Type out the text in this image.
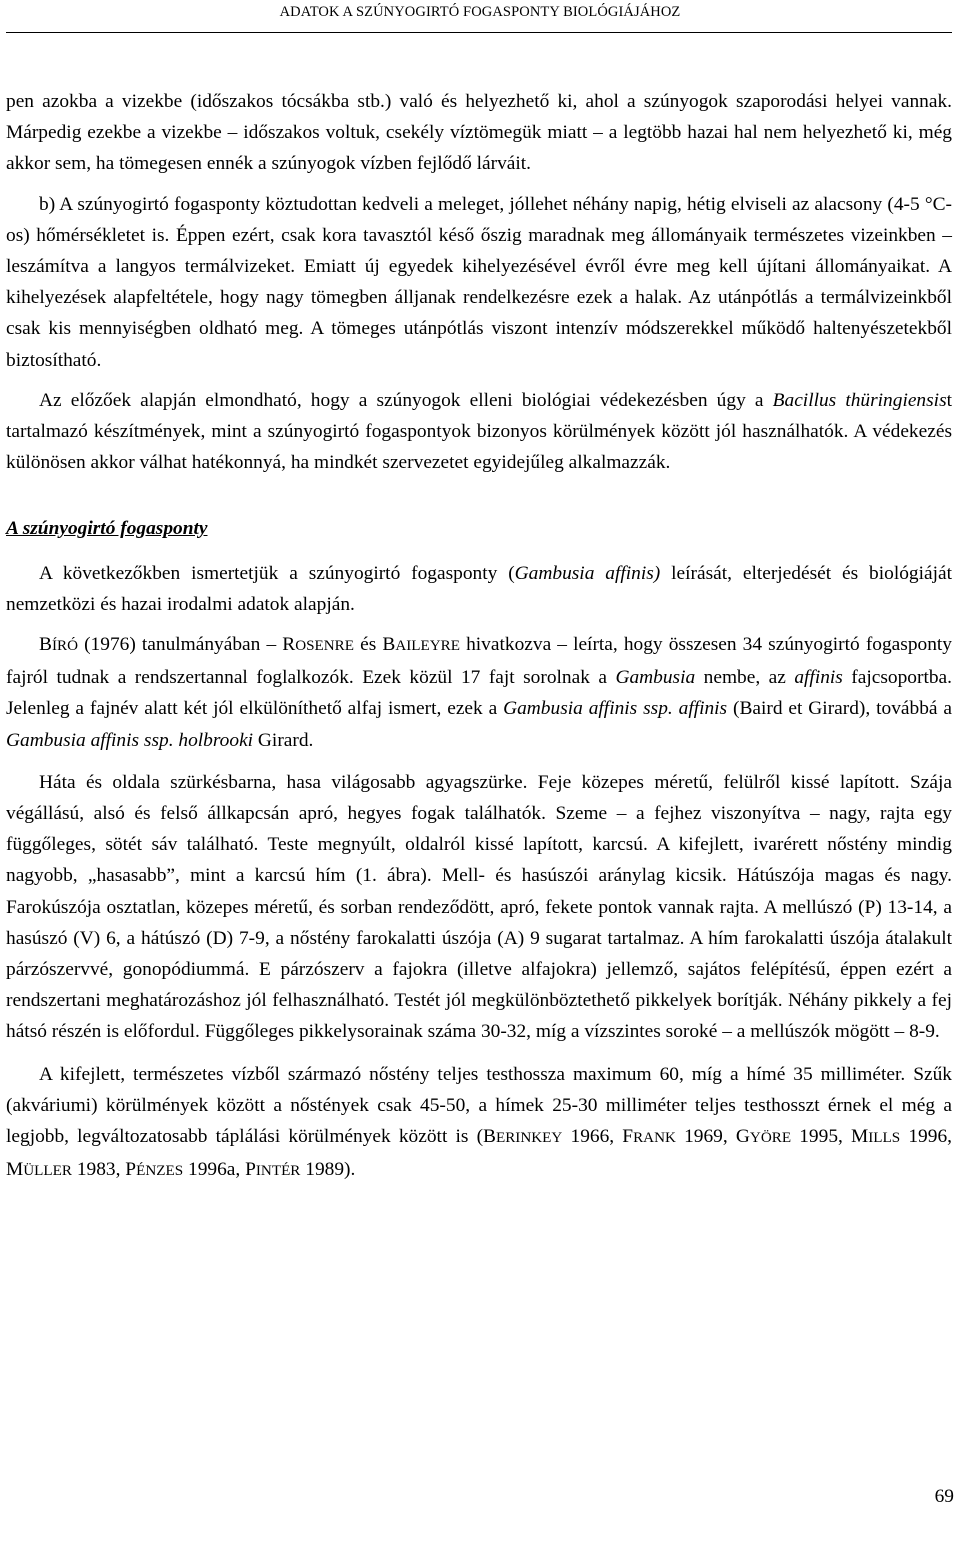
ADATOK A SZÚNYOGIRTÓ FOGASPONTY BIOLÓGIÁJÁHOZ

pen azokba a vizekbe (időszakos tócsákba stb.) való és helyezhető ki, ahol a szúnyogok szaporodási helyei vannak. Márpedig ezekbe a vizekbe – időszakos voltuk, csekély víztömegük miatt – a legtöbb hazai hal nem helyezhető ki, még akkor sem, ha tömegesen ennék a szúnyogok vízben fejlődő lárváit.

b) A szúnyogirtó fogasponty köztudottan kedveli a meleget, jóllehet néhány napig, hétig elviseli az alacsony (4-5 °C-os) hőmérsékletet is. Éppen ezért, csak kora tavasztól késő őszig maradnak meg állományaik természetes vizeinkben – leszámítva a langyos termálvizeket. Emiatt új egyedek kihelyezésével évről évre meg kell újítani állományaikat. A kihelyezések alapfeltétele, hogy nagy tömegben álljanak rendelkezésre ezek a halak. Az utánpótlás a termálvizeinkből csak kis mennyiségben oldható meg. A tömeges utánpótlás viszont intenzív módszerekkel működő haltenyészetekből biztosítható.

Az előzőek alapján elmondható, hogy a szúnyogok elleni biológiai védekezésben úgy a Bacillus thüringiensist tartalmazó készítmények, mint a szúnyogirtó fogaspontyok bizonyos körülmények között jól használhatók. A védekezés különösen akkor válhat hatékonnyá, ha mindkét szervezetet egyidejűleg alkalmazzák.

A szúnyogirtó fogasponty

A következőkben ismertetjük a szúnyogirtó fogasponty (Gambusia affinis) leírását, elterjedését és biológiáját nemzetközi és hazai irodalmi adatok alapján.

BÍRÓ (1976) tanulmányában – ROSENRE és BAILEYRE hivatkozva – leírta, hogy összesen 34 szúnyogirtó fogasponty fajról tudnak a rendszertannal foglalkozók. Ezek közül 17 fajt sorolnak a Gambusia nembe, az affinis fajcsoportba. Jelenleg a fajnév alatt két jól elkülöníthető alfaj ismert, ezek a Gambusia affinis ssp. affinis (Baird et Girard), továbbá a Gambusia affinis ssp. holbrooki Girard.

Háta és oldala szürkésbarna, hasa világosabb agyagszürke. Feje közepes méretű, felülről kissé lapított. Szája végállású, alsó és felső állkapcsán apró, hegyes fogak találhatók. Szeme – a fejhez viszonyítva – nagy, rajta egy függőleges, sötét sáv található. Teste megnyúlt, oldalról kissé lapított, karcsú. A kifejlett, ivarérett nőstény mindig nagyobb, „hasasabb”, mint a karcsú hím (1. ábra). Mell- és hasúszói aránylag kicsik. Hátúszója magas és nagy. Farokúszója osztatlan, közepes méretű, és sorban rendeződött, apró, fekete pontok vannak rajta. A mellúszó (P) 13-14, a hasúszó (V) 6, a hátúszó (D) 7-9, a nőstény farokalatti úszója (A) 9 sugarat tartalmaz. A hím farokalatti úszója átalakult párzószervvé, gonopódiummá. E párzószerv a fajokra (illetve alfajokra) jellemző, sajátos felépítésű, éppen ezért a rendszertani meghatározáshoz jól felhasználható. Testét jól megkülönböztethető pikkelyek borítják. Néhány pikkely a fej hátsó részén is előfordul. Függőleges pikkelysorainak száma 30-32, míg a vízszintes soroké – a mellúszók mögött – 8-9.

A kifejlett, természetes vízből származó nőstény teljes testhossza maximum 60, míg a hímé 35 milliméter. Szűk (akváriumi) körülmények között a nőstények csak 45-50, a hímek 25-30 milliméter teljes testhosszt érnek el még a legjobb, legváltozatosabb táplálási körülmények között is (BERINKEY 1966, FRANK 1969, GYÖRE 1995, MILLS 1996, MÜLLER 1983, PÉNZES 1996a, PINTÉR 1989).

69
